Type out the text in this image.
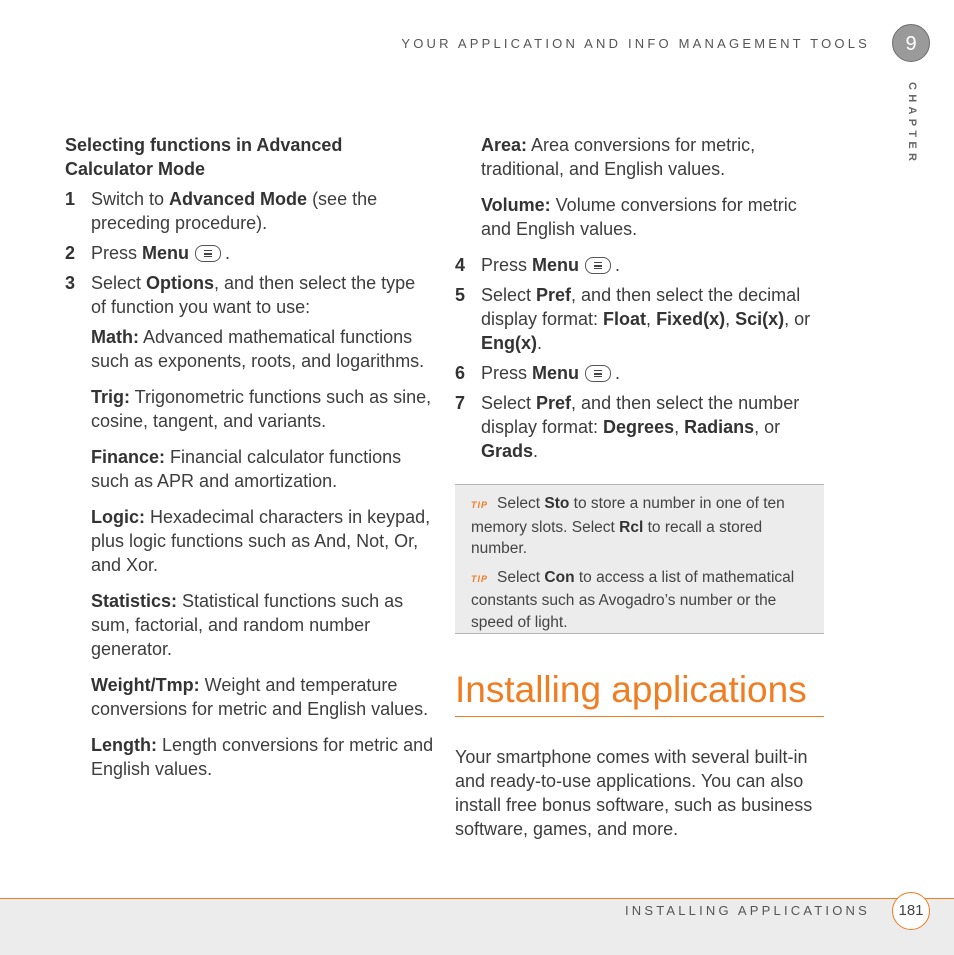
YOUR APPLICATION AND INFO MANAGEMENT TOOLS	9
CHAPTER

Selecting functions in Advanced Calculator Mode

1 Switch to Advanced Mode (see the preceding procedure).

2 Press Menu .

3 Select Options, and then select the type of function you want to use:

Math: Advanced mathematical functions such as exponents, roots, and logarithms.

Trig: Trigonometric functions such as sine, cosine, tangent, and variants.

Finance: Financial calculator functions such as APR and amortization.

Logic: Hexadecimal characters in keypad, plus logic functions such as And, Not, Or, and Xor.

Statistics: Statistical functions such as sum, factorial, and random number generator.

Weight/Tmp: Weight and temperature conversions for metric and English values.

Length: Length conversions for metric and English values.

Area: Area conversions for metric, traditional, and English values.

Volume: Volume conversions for metric and English values.

4 Press Menu .

5 Select Pref, and then select the decimal display format: Float, Fixed(x), Sci(x), or Eng(x).

6 Press Menu .

7 Select Pref, and then select the number display format: Degrees, Radians, or Grads.

TIP Select Sto to store a number in one of ten memory slots. Select Rcl to recall a stored number.

TIP Select Con to access a list of mathematical constants such as Avogadro’s number or the speed of light.

Installing applications
Your smartphone comes with several built-in and ready-to-use applications. You can also install free bonus software, such as business software, games, and more.
INSTALLING APPLICATIONS	181
